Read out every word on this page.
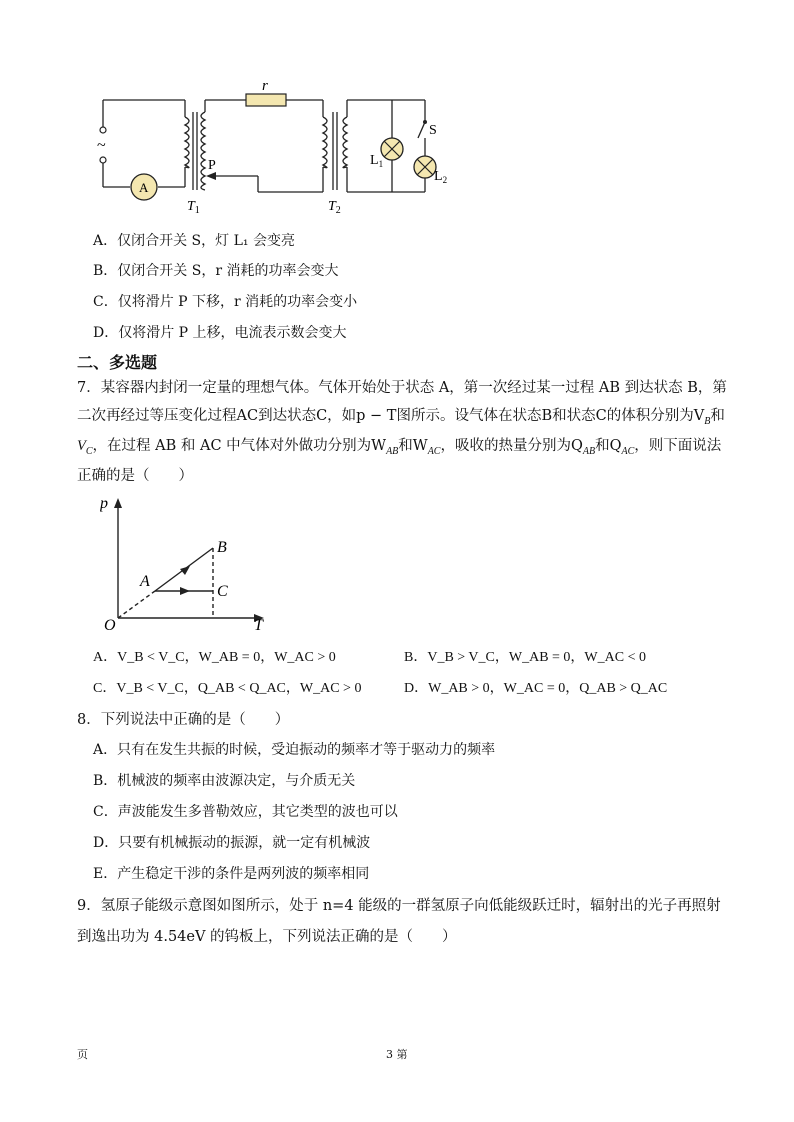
r
~
A
P
$T_1$	$T_2$
S
$L_1$
$L_2$
A．仅闭合开关 S，灯 L₁ 会变亮
B．仅闭合开关 S，r 消耗的功率会变大
C．仅将滑片 P 下移，r 消耗的功率会变小
D．仅将滑片 P 上移，电流表示数会变大
二、多选题
7．某容器内封闭一定量的理想气体。气体开始处于状态 A，第一次经过某一过程 AB 到达状态 B，第
二次再经过等压变化过程AC到达状态C，如p − T图所示。设气体在状态B和状态C的体积分别为$V_B$和
$V_C$，在过程 AB 和 AC 中气体对外做功分别为$W_{AB}$和$W_{AC}$，吸收的热量分别为$Q_{AB}$和$Q_{AC}$，则下面说法
正确的是（　　）
p
T
O
A
B
C
A．V_B < V_C，W_AB = 0，W_AC > 0	B．V_B > V_C，W_AB = 0，W_AC < 0
C．V_B < V_C，Q_AB < Q_AC，W_AC > 0	D．W_AB > 0，W_AC = 0，Q_AB > Q_AC
8．下列说法中正确的是（　　）
A．只有在发生共振的时候，受迫振动的频率才等于驱动力的频率
B．机械波的频率由波源决定，与介质无关
C．声波能发生多普勒效应，其它类型的波也可以
D．只要有机械振动的振源，就一定有机械波
E．产生稳定干涉的条件是两列波的频率相同
9．氢原子能级示意图如图所示，处于 n=4 能级的一群氢原子向低能级跃迁时，辐射出的光子再照射
到逸出功为 4.54eV 的钨板上，下列说法正确的是（　　）
页	3 第
